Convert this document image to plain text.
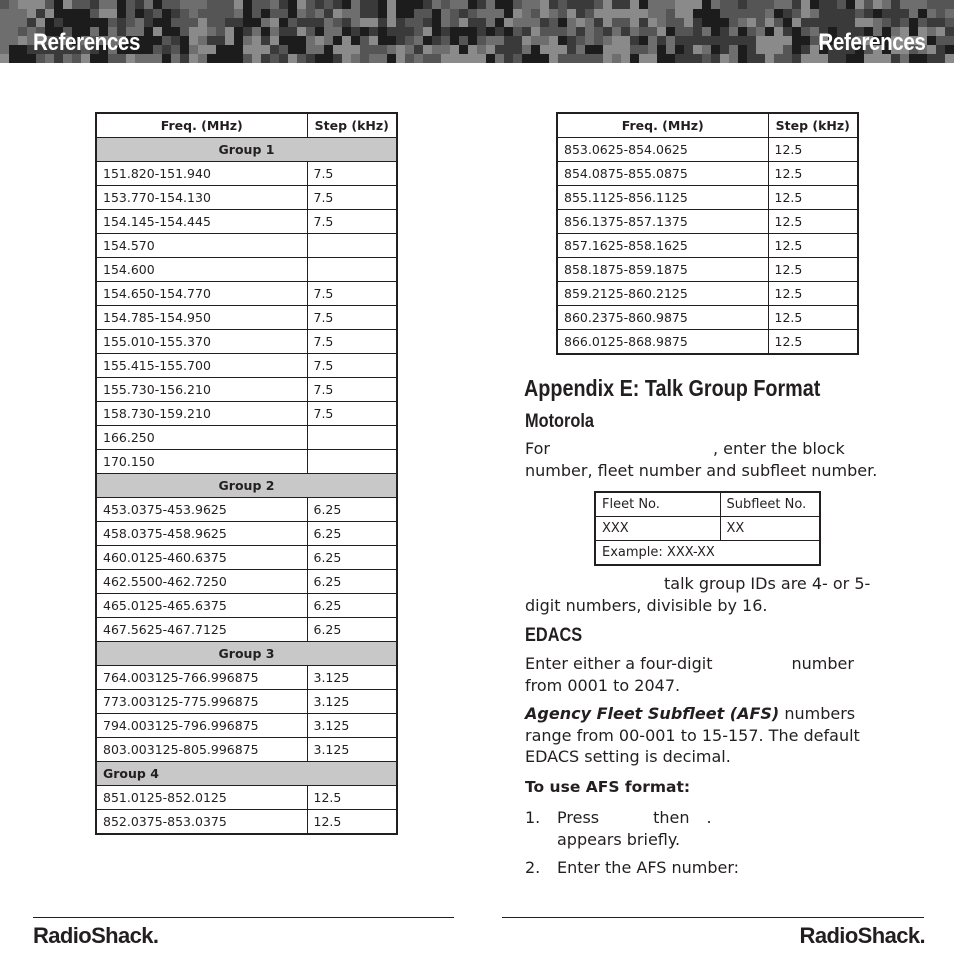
References	References
Freq. (MHz)	Step (kHz)
Group 1	
151.820-151.940	7.5
153.770-154.130	7.5
154.145-154.445	7.5
154.570	
154.600	
154.650-154.770	7.5
154.785-154.950	7.5
155.010-155.370	7.5
155.415-155.700	7.5
155.730-156.210	7.5
158.730-159.210	7.5
166.250	
170.150	
Group 2	
453.0375-453.9625	6.25
458.0375-458.9625	6.25
460.0125-460.6375	6.25
462.5500-462.7250	6.25
465.0125-465.6375	6.25
467.5625-467.7125	6.25
Group 3	
764.003125-766.996875	3.125
773.003125-775.996875	3.125
794.003125-796.996875	3.125
803.003125-805.996875	3.125
Group 4	
851.0125-852.0125	12.5
852.0375-853.0375	12.5
Freq. (MHz)	Step (kHz)
853.0625-854.0625	12.5
854.0875-855.0875	12.5
855.1125-856.1125	12.5
856.1375-857.1375	12.5
857.1625-858.1625	12.5
858.1875-859.1875	12.5
859.2125-860.2125	12.5
860.2375-860.9875	12.5
866.0125-868.9875	12.5
Appendix E: Talk Group Format
Motorola
For	, enter the block number, fleet number and subfleet number.
Fleet No.	Subfleet No.
XXX	XX
Example: XXX-XX	
talk group IDs are 4- or 5-digit numbers, divisible by 16.
EDACS
Enter either a four-digit	number from 0001 to 2047.
Agency Fleet Subfleet (AFS) numbers range from 00-001 to 15-157. The default EDACS setting is decimal.
To use AFS format:
1. Press	then .
appears briefly.
2. Enter the AFS number:
RadioShack.	RadioShack.
